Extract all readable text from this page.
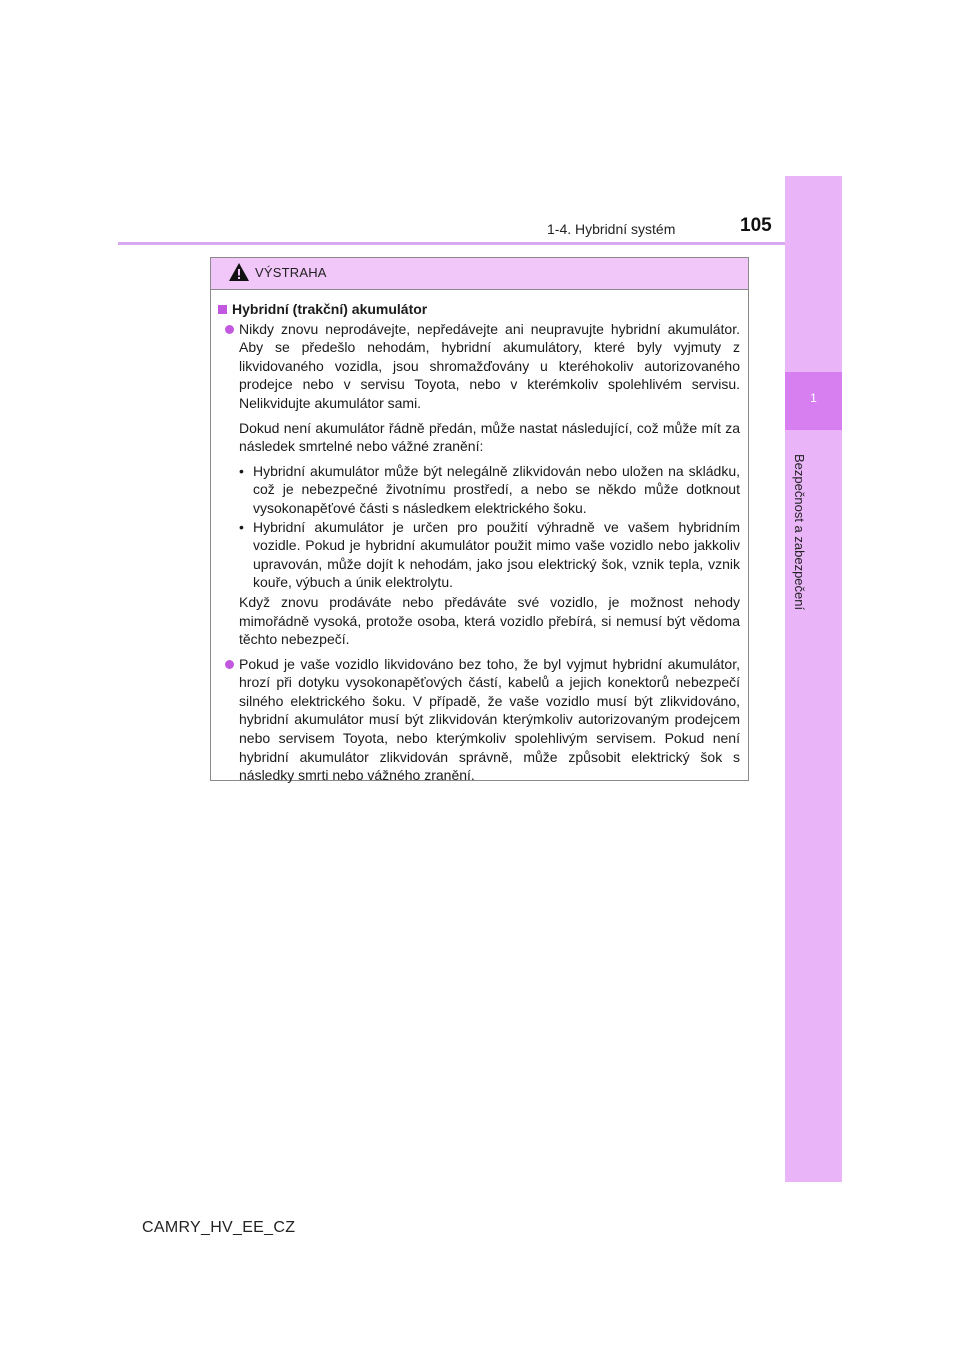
1-4. Hybridní systém	105
1
Bezpečnost a zabezpečení
VÝSTRAHA
Hybridní (trakční) akumulátor

Nikdy znovu neprodávejte, nepředávejte ani neupravujte hybridní akumulátor. Aby se předešlo nehodám, hybridní akumulátory, které byly vyjmuty z likvidovaného vozidla, jsou shromažďovány u kteréhokoliv autorizovaného prodejce nebo v servisu Toyota, nebo v kterémkoliv spolehlivém servisu. Nelikvidujte akumulátor sami.

Dokud není akumulátor řádně předán, může nastat následující, což může mít za následek smrtelné nebo vážné zranění:

• Hybridní akumulátor může být nelegálně zlikvidován nebo uložen na skládku, což je nebezpečné životnímu prostředí, a nebo se někdo může dotknout vysokonapěťové části s následkem elektrického šoku.
• Hybridní akumulátor je určen pro použití výhradně ve vašem hybridním vozidle. Pokud je hybridní akumulátor použit mimo vaše vozidlo nebo jakkoliv upravován, může dojít k nehodám, jako jsou elektrický šok, vznik tepla, vznik kouře, výbuch a únik elektrolytu.

Když znovu prodáváte nebo předáváte své vozidlo, je možnost nehody mimořádně vysoká, protože osoba, která vozidlo přebírá, si nemusí být vědoma těchto nebezpečí.

Pokud je vaše vozidlo likvidováno bez toho, že byl vyjmut hybridní akumulátor, hrozí při dotyku vysokonapěťových částí, kabelů a jejich konektorů nebezpečí silného elektrického šoku. V případě, že vaše vozidlo musí být zlikvidováno, hybridní akumulátor musí být zlikvidován kterýmkoliv autorizovaným prodejcem nebo servisem Toyota, nebo kterýmkoliv spolehlivým servisem. Pokud není hybridní akumulátor zlikvidován správně, může způsobit elektrický šok s následky smrti nebo vážného zranění.

CAMRY_HV_EE_CZ
